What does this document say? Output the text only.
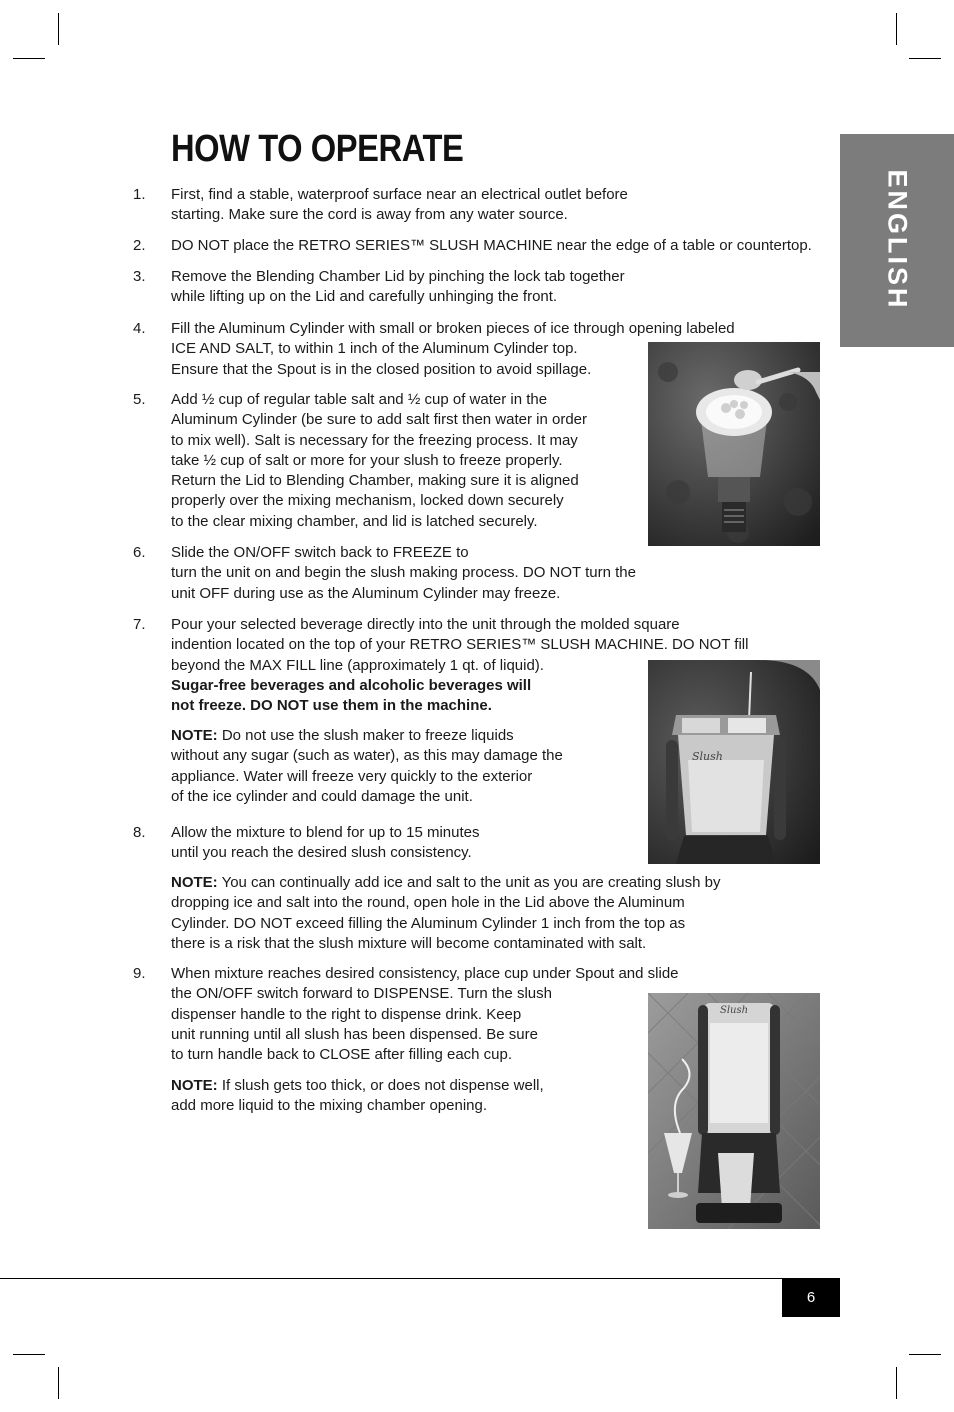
HOW TO OPERATE
ENGLISH
1. First, find a stable, waterproof surface near an electrical outlet before
starting. Make sure the cord is away from any water source.
2. DO NOT place the RETRO SERIES™ SLUSH MACHINE near the edge of a table or countertop.
3. Remove the Blending Chamber Lid by pinching the lock tab together
while lifting up on the Lid and carefully unhinging the front.
4. Fill the Aluminum Cylinder with small or broken pieces of ice through opening labeled
ICE AND SALT, to within 1 inch of the Aluminum Cylinder top.
Ensure that the Spout is in the closed position to avoid spillage.
5. Add ½ cup of regular table salt and ½ cup of water in the
Aluminum Cylinder (be sure to add salt first then water in order
to mix well). Salt is necessary for the freezing process. It may
take ½ cup of salt or more for your slush to freeze properly.
Return the Lid to Blending Chamber, making sure it is aligned
properly over the mixing mechanism, locked down securely
to the clear mixing chamber, and lid is latched securely.
6. Slide the ON/OFF switch back to FREEZE to
turn the unit on and begin the slush making process. DO NOT turn the
unit OFF during use as the Aluminum Cylinder may freeze.
7. Pour your selected beverage directly into the unit through the molded square
indention located on the top of your RETRO SERIES™ SLUSH MACHINE. DO NOT fill
beyond the MAX FILL line (approximately 1 qt. of liquid).
Sugar-free beverages and alcoholic beverages will
not freeze. DO NOT use them in the machine.
NOTE: Do not use the slush maker to freeze liquids
without any sugar (such as water), as this may damage the
appliance. Water will freeze very quickly to the exterior
of the ice cylinder and could damage the unit.
8. Allow the mixture to blend for up to 15 minutes
until you reach the desired slush consistency.
NOTE: You can continually add ice and salt to the unit as you are creating slush by
dropping ice and salt into the round, open hole in the Lid above the Aluminum
Cylinder. DO NOT exceed filling the Aluminum Cylinder 1 inch from the top as
there is a risk that the slush mixture will become contaminated with salt.
9. When mixture reaches desired consistency, place cup under Spout and slide
the ON/OFF switch forward to DISPENSE. Turn the slush
dispenser handle to the right to dispense drink. Keep
unit running until all slush has been dispensed. Be sure
to turn handle back to CLOSE after filling each cup.
NOTE: If slush gets too thick, or does not dispense well,
add more liquid to the mixing chamber opening.
Slush
Slush
6
